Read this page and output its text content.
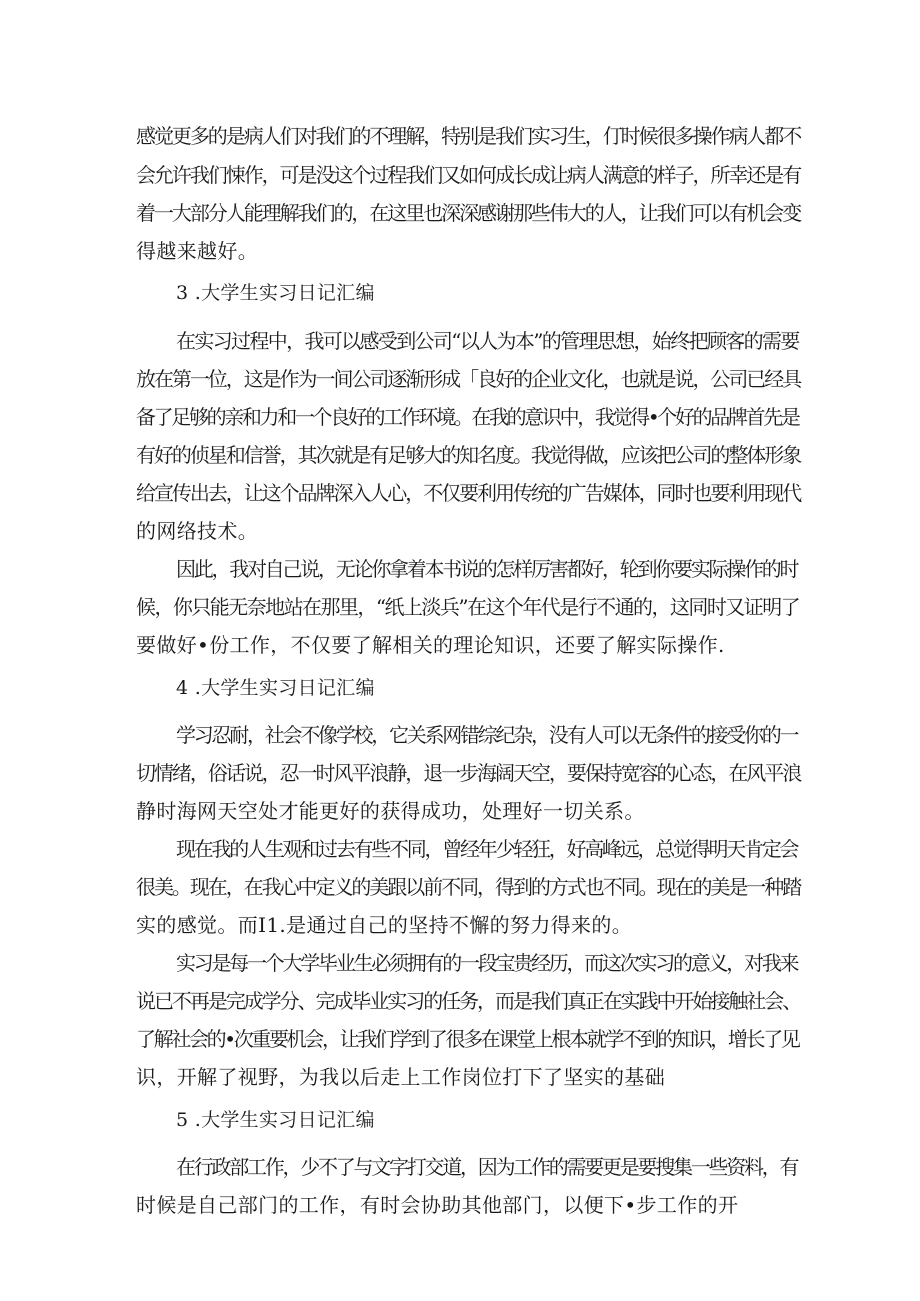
感觉更多的是病人们对我们的不理解，特别是我们实习生，仃时候很多操作病人都不
会允许我们悚作，可是没这个过程我们又如何成长成让病人满意的样子，所幸还是有
着一大部分人能理解我们的，在这里也深深感谢那些伟大的人，让我们可以有机会变
得越来越好。
3 .大学生实习日记汇编
在实习过程中，我可以感受到公司“以人为本”的管理思想，始终把顾客的需要
放在第一位，这是作为一间公司逐渐形成「良好的企业文化，也就是说，公司已经具
备了足够的亲和力和一个良好的工作环境。在我的意识中，我觉得•个好的品牌首先是
有好的侦星和信誉，其次就是有足够大的知名度。我觉得做，应该把公司的整体形象
给宣传出去，让这个品牌深入人心，不仅要利用传统的广告媒体，同时也要利用现代
的网络技术。
因此，我对自己说，无论你拿着本书说的怎样厉害都好，轮到你要实际操作的时
候，你只能无奈地站在那里，“纸上淡兵”在这个年代是行不通的，这同时又证明了
要做好•份工作，不仅要了解相关的理论知识，还要了解实际操作.
4 .大学生实习日记汇编
学习忍耐，社会不像学校，它关系网错综纪杂，没有人可以无条件的接受你的一
切情绪，俗话说，忍一时风平浪静，退一步海阔天空，要保持宽容的心态，在风平浪
静时海网天空处才能更好的获得成功，处理好一切关系。
现在我的人生观和过去有些不同，曾经年少轻狂，好高峰远，总觉得明天肯定会
很美。现在，在我心中定义的美跟以前不同，得到的方式也不同。现在的美是一种踏
实的感觉。而I1.是通过自己的坚持不懈的努力得来的。
实习是每一个大学毕业生必须拥有的一段宝贵经历，而这次实习的意义，对我来
说已不再是完成学分、完成毕业实习的任务，而是我们真正在实践中开始接触社会、
了解社会的•次重要机会，让我们学到了很多在课堂上根本就学不到的知识，增长了见
识，开解了视野，为我以后走上工作岗位打下了坚实的基础
5 .大学生实习日记汇编
在行政部工作，少不了与文字打交道，因为工作的需要更是要搜集一些资料，有
时候是自己部门的工作，有时会协助其他部门，以便下•步工作的开
